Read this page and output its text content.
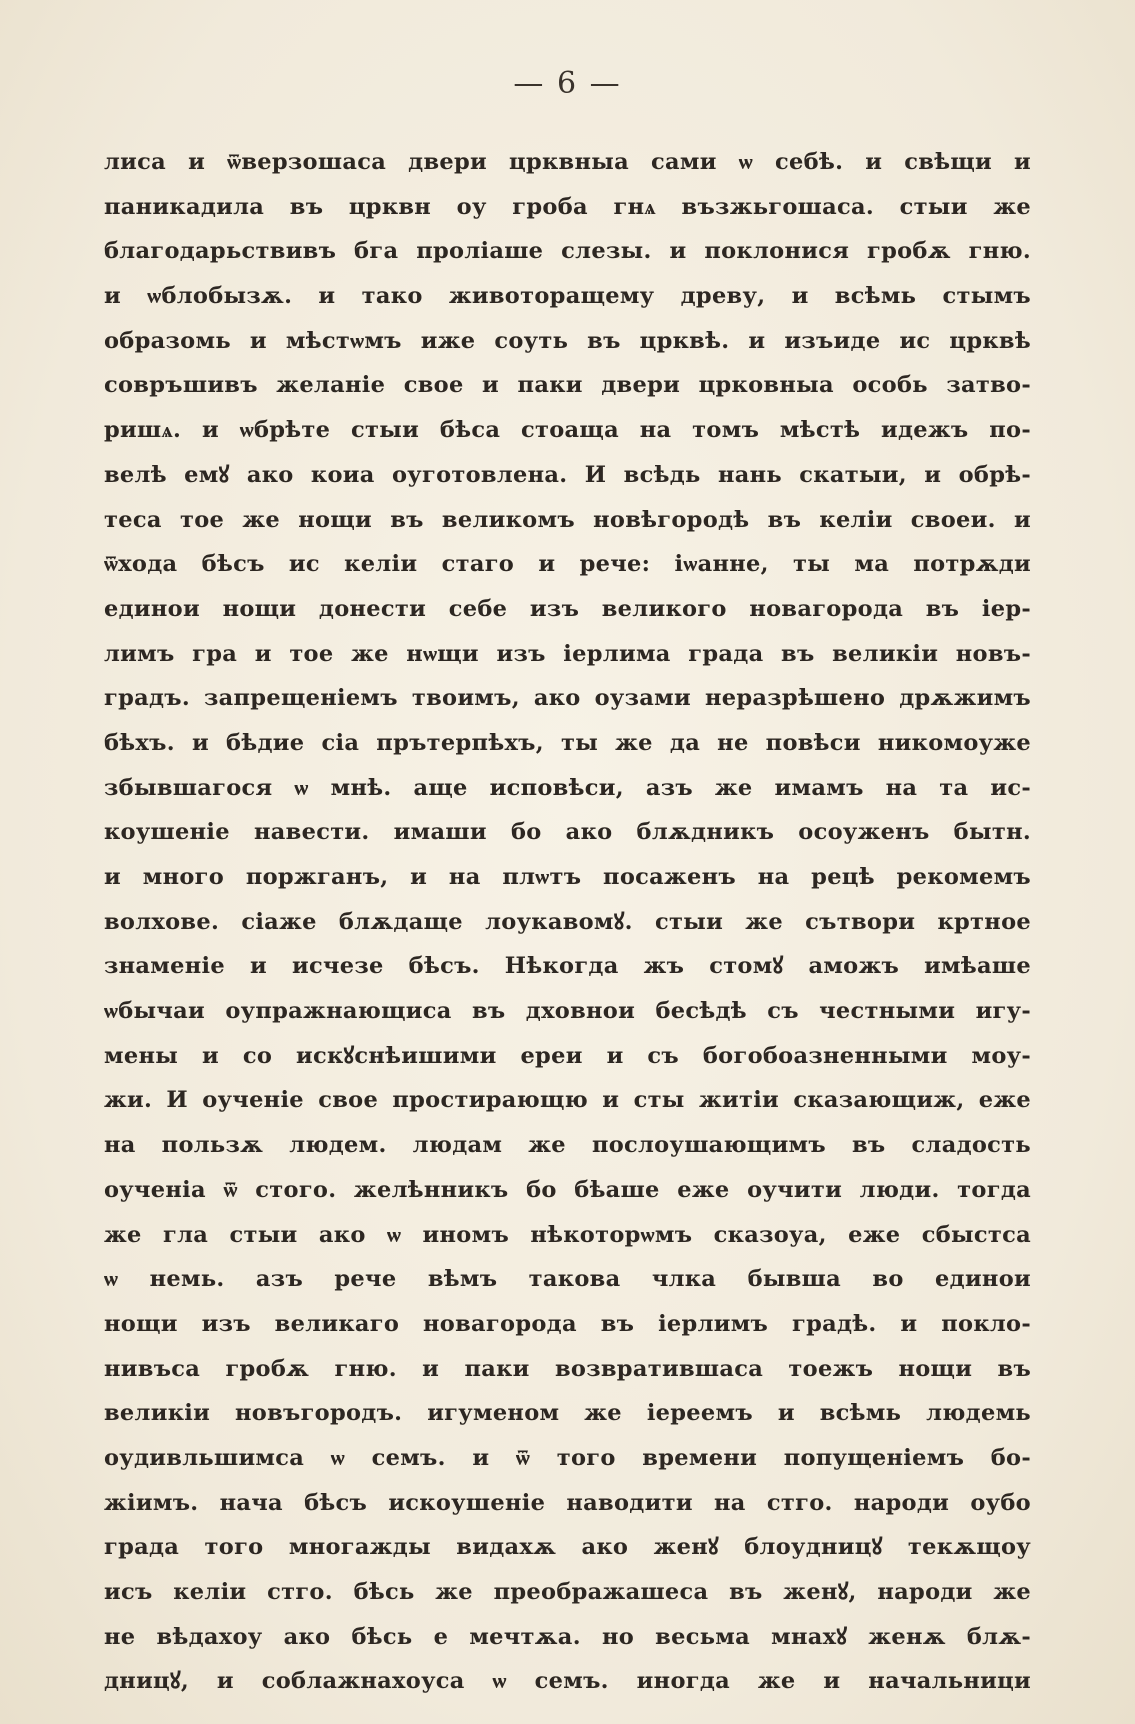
— 6 —
лиса и ѿверзошаса двери црквныа сами ѡ себѣ. и свѣщи и
паникадила въ црквн оу гроба гнѧ възжьгошаса. стыи же
благодарьствивъ бга проліаше слезы. и поклонися гробѫ гню.
и ѡблобызѫ. и тако животоращему древу, и всѣмь стымъ
образомь и мѣстѡмъ иже соуть въ црквѣ. и изъиде ис црквѣ
совръшивъ желаніе свое и паки двери црковныа особь затво-
ришѧ. и ѡбрѣте стыи бѣса стоаща на томъ мѣстѣ идежъ по-
велѣ емꙋ ако коиа оуготовлена. И всѣдь нань скатыи, и обрѣ-
теса тое же нощи въ великомъ новѣгородѣ въ келіи своеи. и
ѿхода бѣсъ ис келіи стаго и рече: іѡанне, ты ма потрѫди
единои нощи донести себе изъ великого новагорода въ іер-
лимъ гра и тое же нѡщи изъ іерлима града въ великіи новъ-
градъ. запрещеніемъ твоимъ, ако оузами неразрѣшено дрѫжимъ
бѣхъ. и бѣдие сіа прътерпѣхъ, ты же да не повѣси никомоуже
збывшагося ѡ мнѣ. аще исповѣси, азъ же имамъ на та ис-
коушеніе навести. имаши бо ако блѫдникъ осоуженъ бытн.
и много поржганъ, и на плѡтъ посаженъ на рецѣ рекомемъ
волхове. сіаже блѫдаще лоукавомꙋ. стыи же сътвори кртное
знаменіе и исчезе бѣсъ. Нѣкогда жъ стомꙋ аможъ имѣаше
ѡбычаи оупражнающиса въ дховнои бесѣдѣ съ честными игу-
мены и со искꙋснѣишими ереи и съ богобоазненными моу-
жи. И оученіе свое простирающю и сты житіи сказающиж, еже
на пользѫ людем. людам же послоушающимъ въ сладость
оученіа ѿ стого. желѣнникъ бо бѣаше еже оучити люди. тогда
же гла стыи ако ѡ иномъ нѣкоторѡмъ сказоуа, еже сбыстса
ѡ немь. азъ рече вѣмъ такова члка бывша во единои
нощи изъ великаго новагорода въ іерлимъ градѣ. и покло-
нивъса гробѫ гню. и паки возвратившаса тоежъ нощи въ
великіи новъгородъ. игуменом же іереемъ и всѣмь людемь
оудивльшимса ѡ семъ. и ѿ того времени попущеніемъ бо-
жіимъ. нача бѣсъ искоушеніе наводити на стго. народи оубо
града того многажды видахѫ ако женꙋ блоудницꙋ текѫщоу
исъ келіи стго. бѣсь же преображашеса въ женꙋ, народи же
не вѣдахоу ако бѣсь е мечтѫа. но весьма мнахꙋ женѫ блѫ-
дницꙋ, и соблажнахоуса ѡ семъ. иногда же и начальници
